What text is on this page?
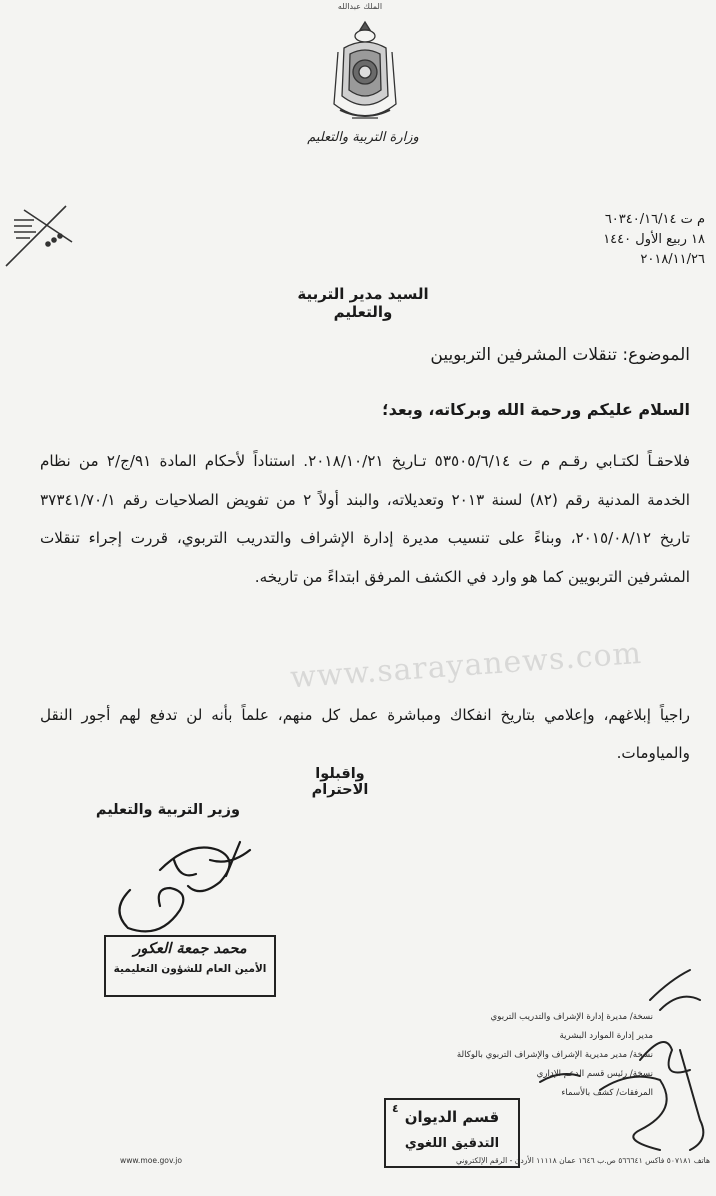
الملك عبدالله
وزارة التربية والتعليم
م ت ٦٠٣٤٠/١٦/١٤
١٨ ربيع الأول ١٤٤٠
٢٠١٨/١١/٢٦
السيد مدير التربية والتعليم
الموضوع: تنقلات المشرفين التربويين
السلام عليكم ورحمة الله وبركاته، وبعد؛
فلاحقـاً لكتـابي رقـم م ت ٥٣٥٠٥/٦/١٤ تـاريخ ٢٠١٨/١٠/٢١. استناداً لأحكام المادة ٩١/ج/٢ من نظام الخدمة المدنية رقم (٨٢) لسنة ٢٠١٣ وتعديلاته، والبند أولاً ٢ من تفويض الصلاحيات رقم ٣٧٣٤١/٧٠/١ تاريخ ٢٠١٥/٠٨/١٢، وبناءً على تنسيب مديرة إدارة الإشراف والتدريب التربوي، قررت إجراء تنقلات المشرفين التربويين كما هو وارد في الكشف المرفق ابتداءً من تاريخه.
www.sarayanews.com
راجياً إبلاغهم، وإعلامي بتاريخ انفكاك ومباشرة عمل كل منهم، علماً بأنه لن تدفع لهم أجور النقل والمياومات.
واقبلوا الاحترام
وزير التربية والتعليم
محمد جمعة العكور
الأمين العام للشؤون التعليمية
نسخة/ مديرة إدارة الإشراف والتدريب التربوي
مدير إدارة الموارد البشرية
نسخة/ مدير مديرية الإشراف والإشراف التربوي بالوكالة
نسخة/ رئيس قسم الدعم الإداري
المرفقات/ كشف بالأسماء
٤ قسم الديوان
التدقيق اللغوي
www.moe.gov.jo	هاتف ٥٠٧١٨١ فاكس ٥٦٦٦٤١ ص.ب ١٦٤٦ عمان ١١١١٨ الأردن - الرقم الإلكتروني
